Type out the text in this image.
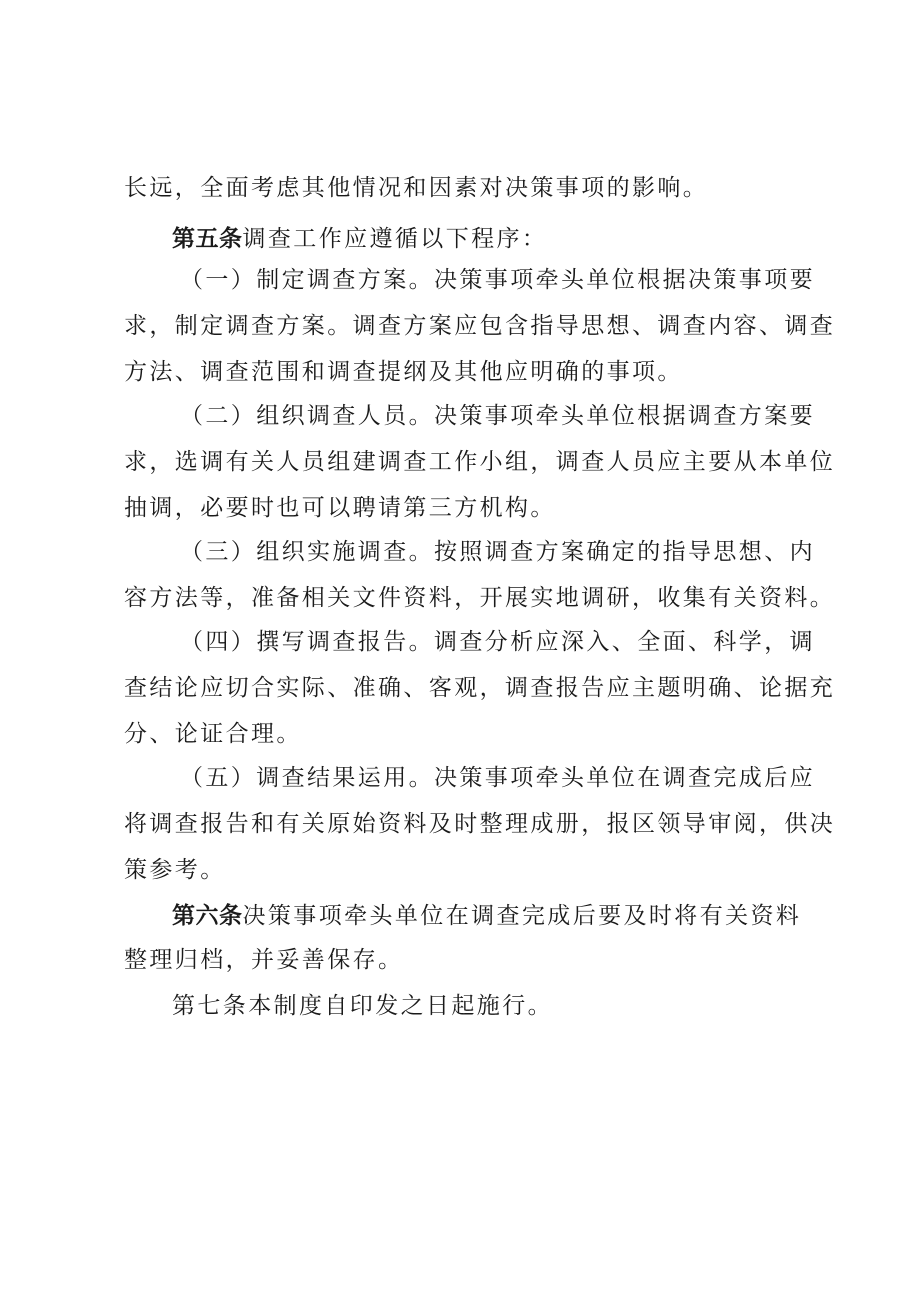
长远，全面考虑其他情况和因素对决策事项的影响。
第五条调查工作应遵循以下程序：
（一）制定调查方案。决策事项牵头单位根据决策事项要
求，制定调查方案。调查方案应包含指导思想、调查内容、调查
方法、调查范围和调查提纲及其他应明确的事项。
（二）组织调查人员。决策事项牵头单位根据调查方案要
求，选调有关人员组建调查工作小组，调查人员应主要从本单位
抽调，必要时也可以聘请第三方机构。
（三）组织实施调查。按照调查方案确定的指导思想、内
容方法等，准备相关文件资料，开展实地调研，收集有关资料。
（四）撰写调查报告。调查分析应深入、全面、科学，调
查结论应切合实际、准确、客观，调查报告应主题明确、论据充
分、论证合理。
（五）调查结果运用。决策事项牵头单位在调查完成后应
将调查报告和有关原始资料及时整理成册，报区领导审阅，供决
策参考。
第六条决策事项牵头单位在调查完成后要及时将有关资料
整理归档，并妥善保存。
第七条本制度自印发之日起施行。
